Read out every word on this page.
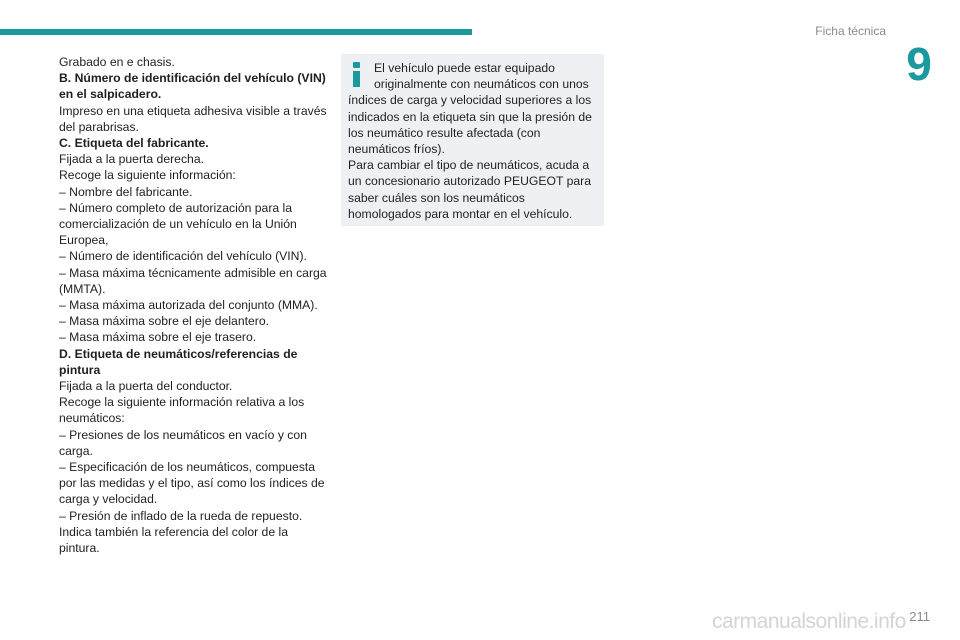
Ficha técnica
9

Grabado en e chasis.

B. Número de identificación del vehículo (VIN) en el salpicadero.

Impreso en una etiqueta adhesiva visible a través del parabrisas.

C. Etiqueta del fabricante.

Fijada a la puerta derecha.

Recoge la siguiente información:

– Nombre del fabricante.

– Número completo de autorización para la comercialización de un vehículo en la Unión Europea,

– Número de identificación del vehículo (VIN).

– Masa máxima técnicamente admisible en carga (MMTA).

– Masa máxima autorizada del conjunto (MMA).

– Masa máxima sobre el eje delantero.

– Masa máxima sobre el eje trasero.

D. Etiqueta de neumáticos/referencias de pintura

Fijada a la puerta del conductor.

Recoge la siguiente información relativa a los neumáticos:

– Presiones de los neumáticos en vacío y con carga.

– Especificación de los neumáticos, compuesta por las medidas y el tipo, así como los índices de carga y velocidad.

– Presión de inflado de la rueda de repuesto.

Indica también la referencia del color de la pintura.

El vehículo puede estar equipado originalmente con neumáticos con unos índices de carga y velocidad superiores a los indicados en la etiqueta sin que la presión de los neumático resulte afectada (con neumáticos fríos).

Para cambiar el tipo de neumáticos, acuda a un concesionario autorizado PEUGEOT para saber cuáles son los neumáticos homologados para montar en el vehículo.

211
carmanualsonline.info
